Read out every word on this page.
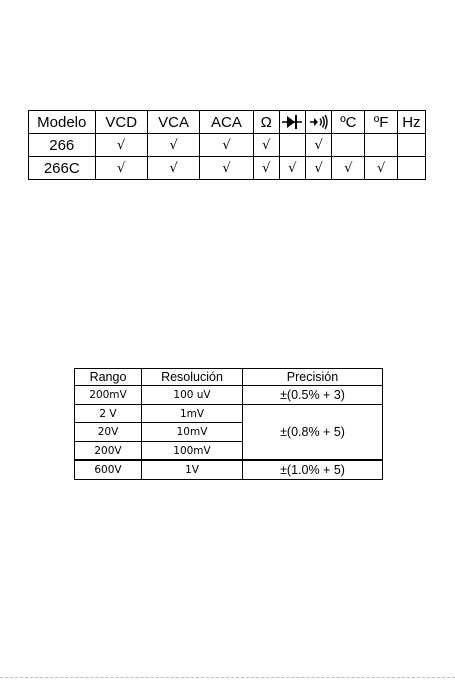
Modelo	VCD	VCA	ACA	Ω			ºC	ºF	Hz
266	√	√	√	√		√			
266C	√	√	√	√	√	√	√	√	
Rango	Resolución	Precisión
200mV	100 uV	±(0.5% + 3)
2 V	1mV	±(0.8% + 5)
20V	10mV	
200V	100mV	
600V	1V	±(1.0% + 5)
